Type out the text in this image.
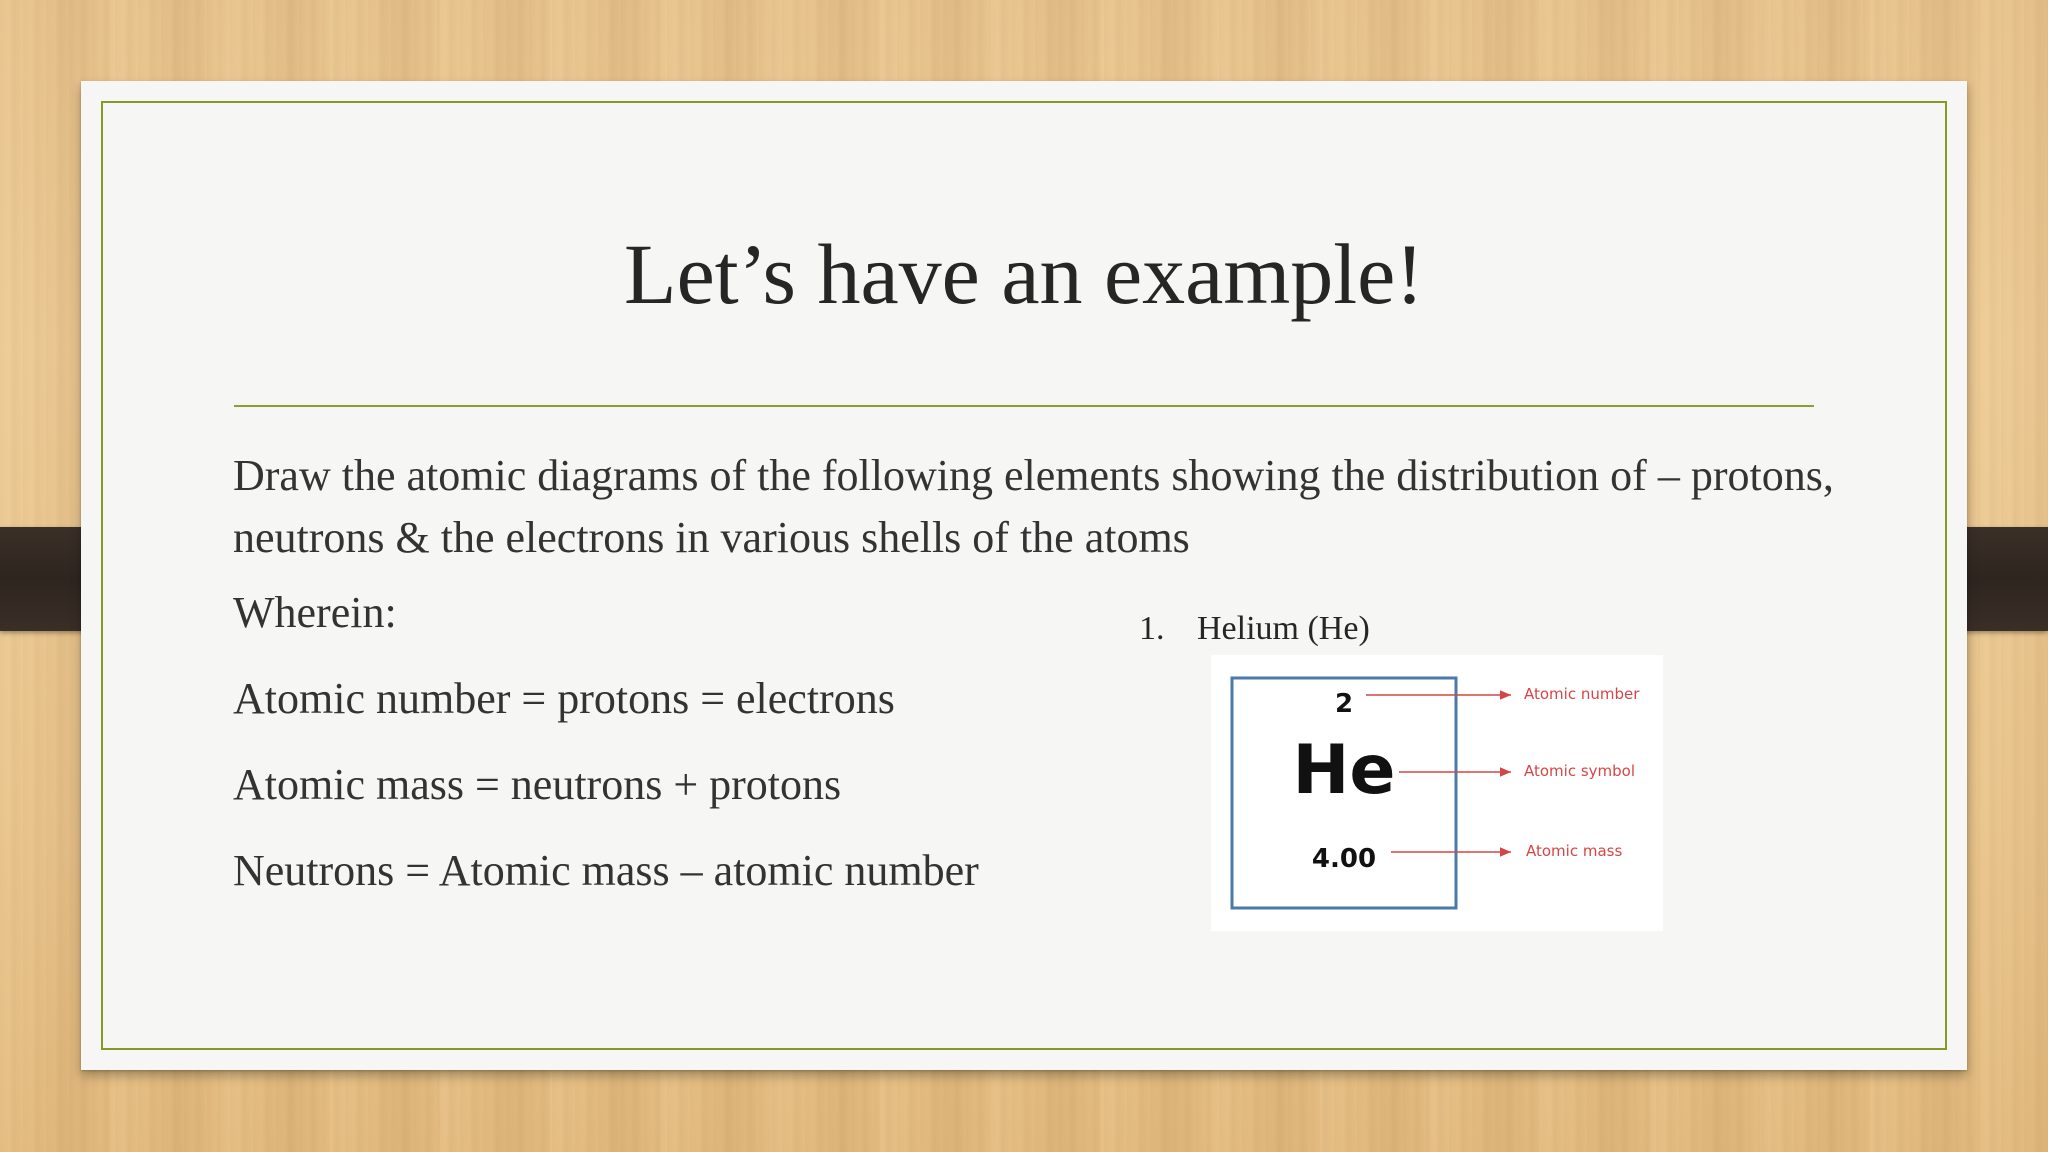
Let’s have an example!
Draw the atomic diagrams of the following elements showing the distribution of – protons, neutrons & the electrons in various shells of the atoms
Wherein:
Atomic number = protons = electrons
Atomic mass = neutrons + protons
Neutrons = Atomic mass – atomic number
1. Helium (He)
2
He
4.00
Atomic number
Atomic symbol
Atomic mass
